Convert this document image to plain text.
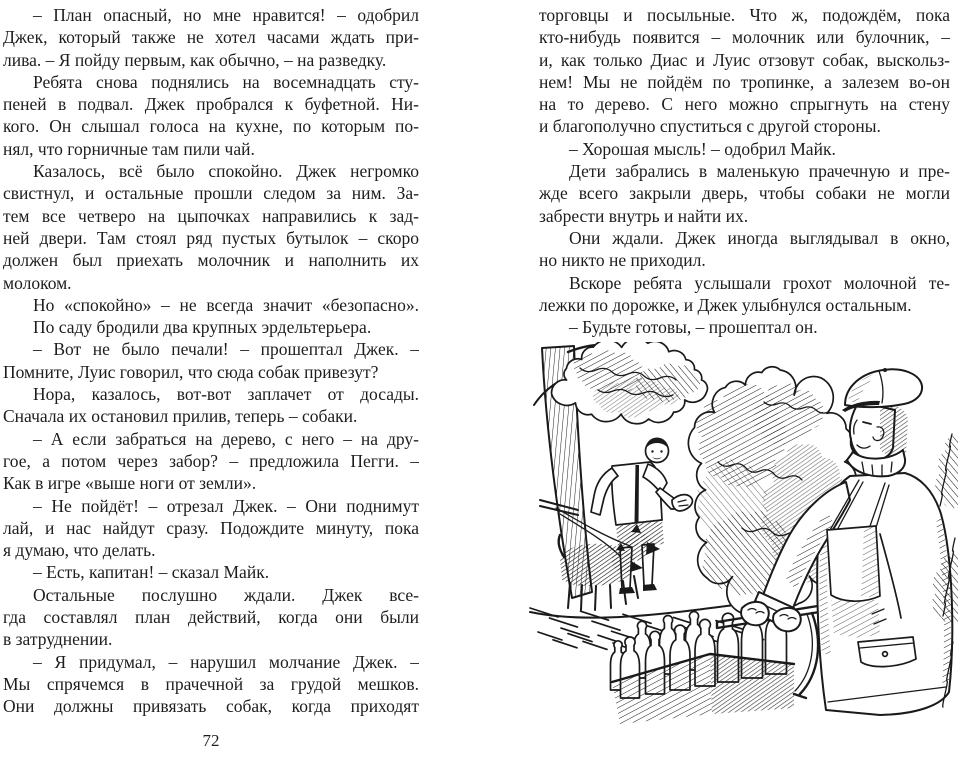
– План опасный, но мне нравится! – одобрил
Джек, который также не хотел часами ждать при-
лива. – Я пойду первым, как обычно, – на разведку.
Ребята снова поднялись на восемнадцать сту-
пеней в подвал. Джек пробрался к буфетной. Ни-
кого. Он слышал голоса на кухне, по которым по-
нял, что горничные там пили чай.
Казалось, всё было спокойно. Джек негромко
свистнул, и остальные прошли следом за ним. За-
тем все четверо на цыпочках направились к зад-
ней двери. Там стоял ряд пустых бутылок – скоро
должен был приехать молочник и наполнить их
молоком.
Но «спокойно» – не всегда значит «безопасно».
По саду бродили два крупных эрдельтерьера.
– Вот не было печали! – прошептал Джек. –
Помните, Луис говорил, что сюда собак привезут?
Нора, казалось, вот-вот заплачет от досады.
Сначала их остановил прилив, теперь – собаки.
– А если забраться на дерево, с него – на дру-
гое, а потом через забор? – предложила Пегги. –
Как в игре «выше ноги от земли».
– Не пойдёт! – отрезал Джек. – Они поднимут
лай, и нас найдут сразу. Подождите минуту, пока
я думаю, что делать.
– Есть, капитан! – сказал Майк.
Остальные послушно ждали. Джек все-
гда составлял план действий, когда они были
в затруднении.
– Я придумал, – нарушил молчание Джек. –
Мы спрячемся в прачечной за грудой мешков.
Они должны привязать собак, когда приходят
торговцы и посыльные. Что ж, подождём, пока
кто-нибудь появится – молочник или булочник, –
и, как только Диас и Луис отзовут собак, выскольз-
нем! Мы не пойдём по тропинке, а залезем во-он
на то дерево. С него можно спрыгнуть на стену
и благополучно спуститься с другой стороны.
– Хорошая мысль! – одобрил Майк.
Дети забрались в маленькую прачечную и пре-
жде всего закрыли дверь, чтобы собаки не могли
забрести внутрь и найти их.
Они ждали. Джек иногда выглядывал в окно,
но никто не приходил.
Вскоре ребята услышали грохот молочной те-
лежки по дорожке, и Джек улыбнулся остальным.
– Будьте готовы, – прошептал он.
72
